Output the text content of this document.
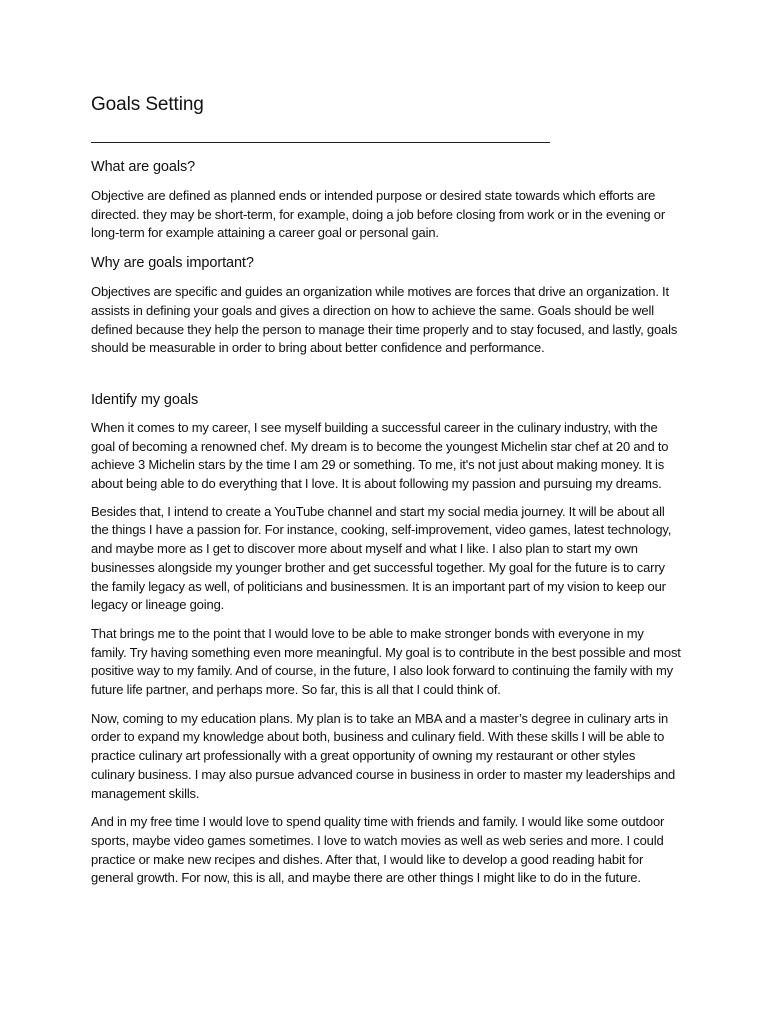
Goals Setting
What are goals?

Objective are defined as planned ends or intended purpose or desired state towards which efforts are directed. they may be short-term, for example, doing a job before closing from work or in the evening or long-term for example attaining a career goal or personal gain.

Why are goals important?

Objectives are specific and guides an organization while motives are forces that drive an organization. It assists in defining your goals and gives a direction on how to achieve the same. Goals should be well defined because they help the person to manage their time properly and to stay focused, and lastly, goals should be measurable in order to bring about better confidence and performance.

Identify my goals

When it comes to my career, I see myself building a successful career in the culinary industry, with the goal of becoming a renowned chef. My dream is to become the youngest Michelin star chef at 20 and to achieve 3 Michelin stars by the time I am 29 or something. To me, it's not just about making money. It is about being able to do everything that I love. It is about following my passion and pursuing my dreams.

Besides that, I intend to create a YouTube channel and start my social media journey. It will be about all the things I have a passion for. For instance, cooking, self-improvement, video games, latest technology, and maybe more as I get to discover more about myself and what I like. I also plan to start my own businesses alongside my younger brother and get successful together. My goal for the future is to carry the family legacy as well, of politicians and businessmen. It is an important part of my vision to keep our legacy or lineage going.

That brings me to the point that I would love to be able to make stronger bonds with everyone in my family. Try having something even more meaningful. My goal is to contribute in the best possible and most positive way to my family. And of course, in the future, I also look forward to continuing the family with my future life partner, and perhaps more. So far, this is all that I could think of.

Now, coming to my education plans. My plan is to take an MBA and a master’s degree in culinary arts in order to expand my knowledge about both, business and culinary field. With these skills I will be able to practice culinary art professionally with a great opportunity of owning my restaurant or other styles culinary business. I may also pursue advanced course in business in order to master my leaderships and management skills.

And in my free time I would love to spend quality time with friends and family. I would like some outdoor sports, maybe video games sometimes. I love to watch movies as well as web series and more. I could practice or make new recipes and dishes. After that, I would like to develop a good reading habit for general growth. For now, this is all, and maybe there are other things I might like to do in the future.
